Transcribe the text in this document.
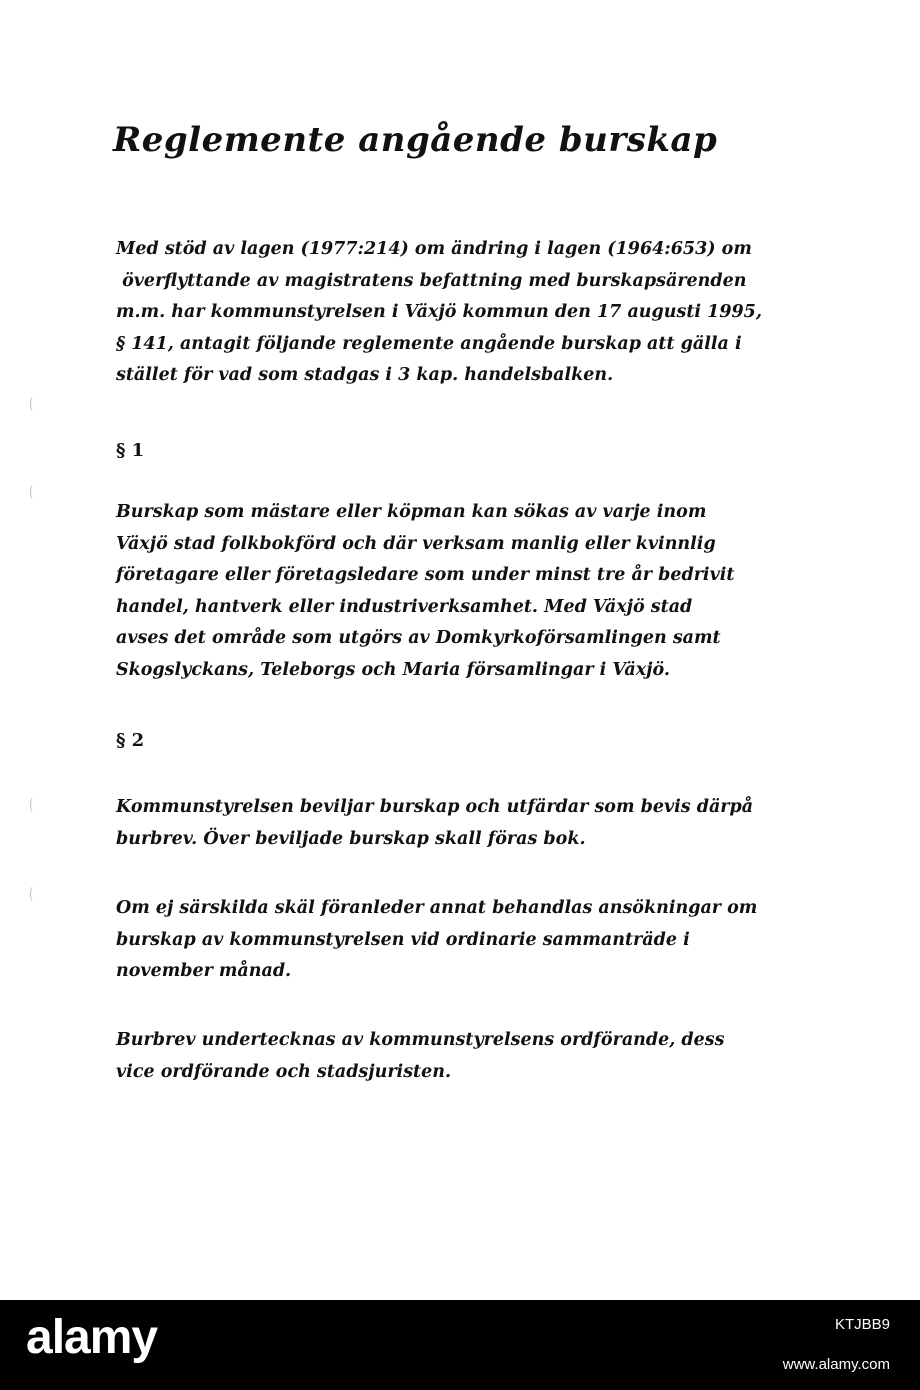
Reglemente angående burskap

Med stöd av lagen (1977:214) om ändring i lagen (1964:653) om
överflyttande av magistratens befattning med burskapsärenden
m.m. har kommunstyrelsen i Växjö kommun den 17 augusti 1995,
§ 141, antagit följande reglemente angående burskap att gälla i
stället för vad som stadgas i 3 kap. handelsbalken.

§ 1

Burskap som mästare eller köpman kan sökas av varje inom
Växjö stad folkbokförd och där verksam manlig eller kvinnlig
företagare eller företagsledare som under minst tre år bedrivit
handel, hantverk eller industriverksamhet. Med Växjö stad
avses det område som utgörs av Domkyrkoförsamlingen samt
Skogslyckans, Teleborgs och Maria församlingar i Växjö.

§ 2

Kommunstyrelsen beviljar burskap och utfärdar som bevis därpå
burbrev. Över beviljade burskap skall föras bok.

Om ej särskilda skäl föranleder annat behandlas ansökningar om
burskap av kommunstyrelsen vid ordinarie sammanträde i
november månad.

Burbrev undertecknas av kommunstyrelsens ordförande, dess
vice ordförande och stadsjuristen.

alamy	KTJBB9
www.alamy.com
